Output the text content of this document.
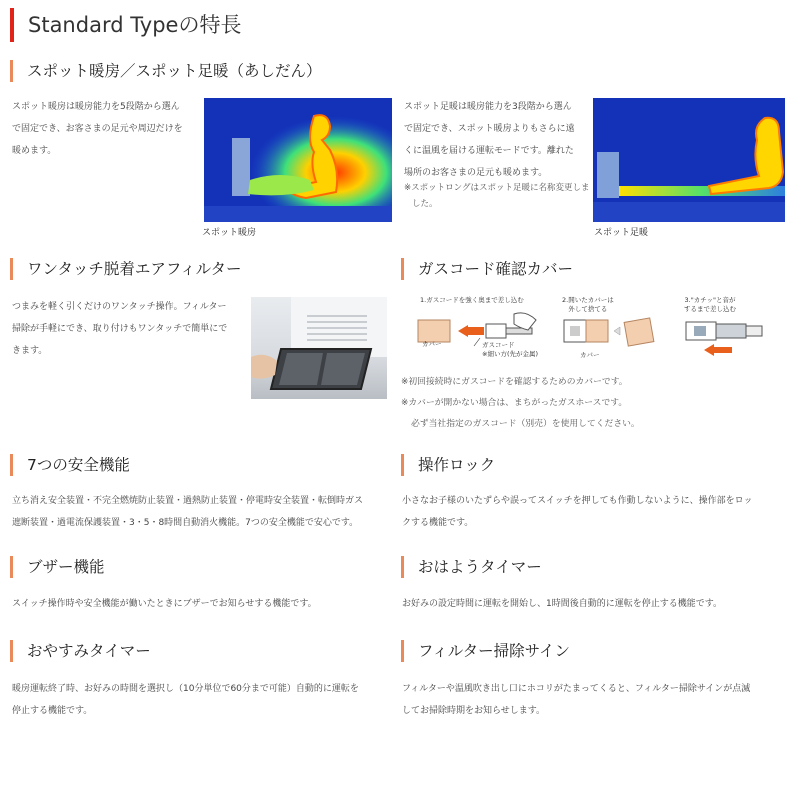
Standard Typeの特長
スポット暖房／スポット足暖（あしだん）
スポット暖房は暖房能力を5段階から選ん
で固定でき、お客さまの足元や周辺だけを
暖めます。
スポット暖房
スポット足暖は暖房能力を3段階から選ん
で固定でき、スポット暖房よりもさらに遠
くに温風を届ける運転モードです。離れた
場所のお客さまの足元も暖めます。
※スポットロングはスポット足暖に名称変更しま
した。
スポット足暖
ワンタッチ脱着エアフィルター
つまみを軽く引くだけのワンタッチ操作。フィルター
掃除が手軽にでき、取り付けもワンタッチで簡単にで
きます。
ガスコード確認カバー
1.ガスコードを強く奥まで差し込む	2.開いたカバーは
外して捨てる
3."カチッ"と音が
するまで差し込む
カバー	ガスコード
※細い方(先が金属)	カバー
※初回接続時にガスコードを確認するためのカバーです。
※カバーが開かない場合は、まちがったガスホースです。
必ず当社指定のガスコード（別売）を使用してください。
7つの安全機能
立ち消え安全装置・不完全燃焼防止装置・過熱防止装置・停電時安全装置・転倒時ガス
遮断装置・過電流保護装置・3・5・8時間自動消火機能。7つの安全機能で安心です。
操作ロック
小さなお子様のいたずらや誤ってスイッチを押しても作動しないように、操作部をロッ
クする機能です。
ブザー機能
スイッチ操作時や安全機能が働いたときにブザーでお知らせする機能です。
おはようタイマー
お好みの設定時間に運転を開始し、1時間後自動的に運転を停止する機能です。
おやすみタイマー
暖房運転終了時、お好みの時間を選択し（10分単位で60分まで可能）自動的に運転を
停止する機能です。
フィルター掃除サイン
フィルターや温風吹き出し口にホコリがたまってくると、フィルター掃除サインが点滅
してお掃除時期をお知らせします。
